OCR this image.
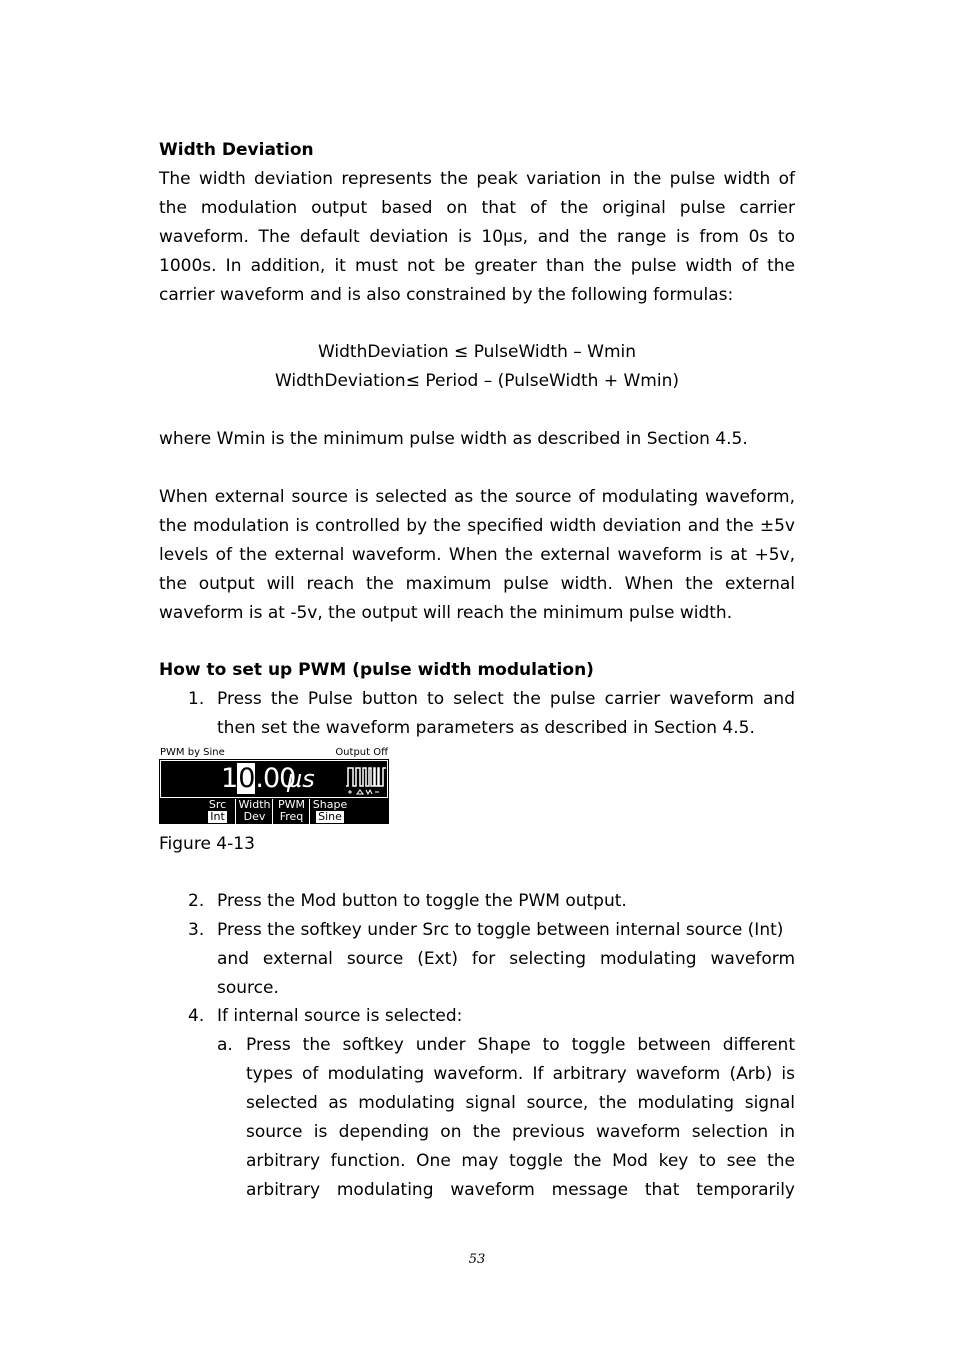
Width Deviation
The width deviation represents the peak variation in the pulse width of
the modulation output based on that of the original pulse carrier
waveform. The default deviation is 10µs, and the range is from 0s to
1000s. In addition, it must not be greater than the pulse width of the
carrier waveform and is also constrained by the following formulas:
WidthDeviation ≤ PulseWidth – Wmin
WidthDeviation≤ Period – (PulseWidth + Wmin)
where Wmin is the minimum pulse width as described in Section 4.5.
When external source is selected as the source of modulating waveform,
the modulation is controlled by the specified width deviation and the ±5v
levels of the external waveform. When the external waveform is at +5v,
the output will reach the maximum pulse width. When the external
waveform is at -5v, the output will reach the minimum pulse width.
How to set up PWM (pulse width modulation)
1. Press the Pulse button to select the pulse carrier waveform and
then set the waveform parameters as described in Section 4.5.
PWM by Sine	Output Off
10.00
µs
Src
Int
Width
Dev
PWM
Freq
Shape
Sine
Figure 4-13
2. Press the Mod button to toggle the PWM output.
3. Press the softkey under Src to toggle between internal source (Int)
and external source (Ext) for selecting modulating waveform
source.
4. If internal source is selected:
a. Press the softkey under Shape to toggle between different
types of modulating waveform. If arbitrary waveform (Arb) is
selected as modulating signal source, the modulating signal
source is depending on the previous waveform selection in
arbitrary function. One may toggle the Mod key to see the
arbitrary modulating waveform message that temporarily
53
